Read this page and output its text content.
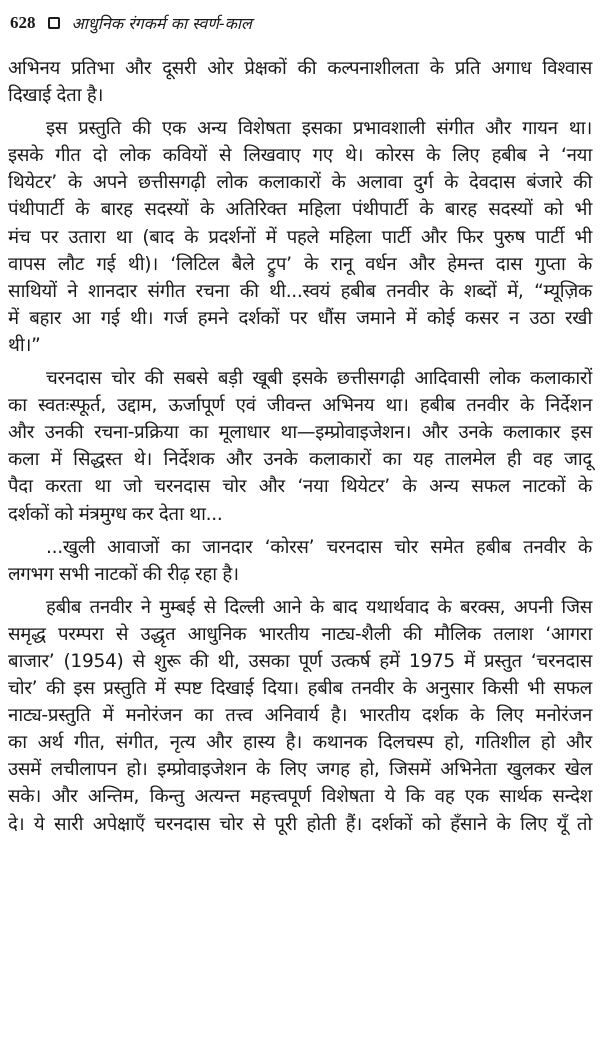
628 आधुनिक रंगकर्म का स्वर्ण-काल
अभिनय प्रतिभा और दूसरी ओर प्रेक्षकों की कल्पनाशीलता के प्रति अगाध विश्वास
दिखाई देता है।
इस प्रस्तुति की एक अन्य विशेषता इसका प्रभावशाली संगीत और गायन था।
इसके गीत दो लोक कवियों से लिखवाए गए थे। कोरस के लिए हबीब ने ‘नया
थियेटर’ के अपने छत्तीसगढ़ी लोक कलाकारों के अलावा दुर्ग के देवदास बंजारे की
पंथीपार्टी के बारह सदस्यों के अतिरिक्त महिला पंथीपार्टी के बारह सदस्यों को भी
मंच पर उतारा था (बाद के प्रदर्शनों में पहले महिला पार्टी और फिर पुरुष पार्टी भी
वापस लौट गई थी)। ‘लिटिल बैले ट्रुप’ के रानू वर्धन और हेमन्त दास गुप्ता के
साथियों ने शानदार संगीत रचना की थी...स्वयं हबीब तनवीर के शब्दों में, “म्यूज़िक
में बहार आ गई थी। गर्ज हमने दर्शकों पर धौंस जमाने में कोई कसर न उठा रखी
थी।”
चरनदास चोर की सबसे बड़ी खूबी इसके छत्तीसगढ़ी आदिवासी लोक कलाकारों
का स्वतःस्फूर्त, उद्दाम, ऊर्जापूर्ण एवं जीवन्त अभिनय था। हबीब तनवीर के निर्देशन
और उनकी रचना-प्रक्रिया का मूलाधार था—इम्प्रोवाइजेशन। और उनके कलाकार इस
कला में सिद्धस्त थे। निर्देशक और उनके कलाकारों का यह तालमेल ही वह जादू
पैदा करता था जो चरनदास चोर और ‘नया थियेटर’ के अन्य सफल नाटकों के
दर्शकों को मंत्रमुग्ध कर देता था...
...खुली आवाजों का जानदार ‘कोरस’ चरनदास चोर समेत हबीब तनवीर के
लगभग सभी नाटकों की रीढ़ रहा है।
हबीब तनवीर ने मुम्बई से दिल्ली आने के बाद यथार्थवाद के बरक्स, अपनी जिस
समृद्ध परम्परा से उद्धृत आधुनिक भारतीय नाट्य-शैली की मौलिक तलाश ‘आगरा
बाजार’ (1954) से शुरू की थी, उसका पूर्ण उत्कर्ष हमें 1975 में प्रस्तुत ‘चरनदास
चोर’ की इस प्रस्तुति में स्पष्ट दिखाई दिया। हबीब तनवीर के अनुसार किसी भी सफल
नाट्य-प्रस्तुति में मनोरंजन का तत्त्व अनिवार्य है। भारतीय दर्शक के लिए मनोरंजन
का अर्थ गीत, संगीत, नृत्य और हास्य है। कथानक दिलचस्प हो, गतिशील हो और
उसमें लचीलापन हो। इम्प्रोवाइजेशन के लिए जगह हो, जिसमें अभिनेता खुलकर खेल
सके। और अन्तिम, किन्तु अत्यन्त महत्त्वपूर्ण विशेषता ये कि वह एक सार्थक सन्देश
दे। ये सारी अपेक्षाएँ चरनदास चोर से पूरी होती हैं। दर्शकों को हँसाने के लिए यूँ तो
